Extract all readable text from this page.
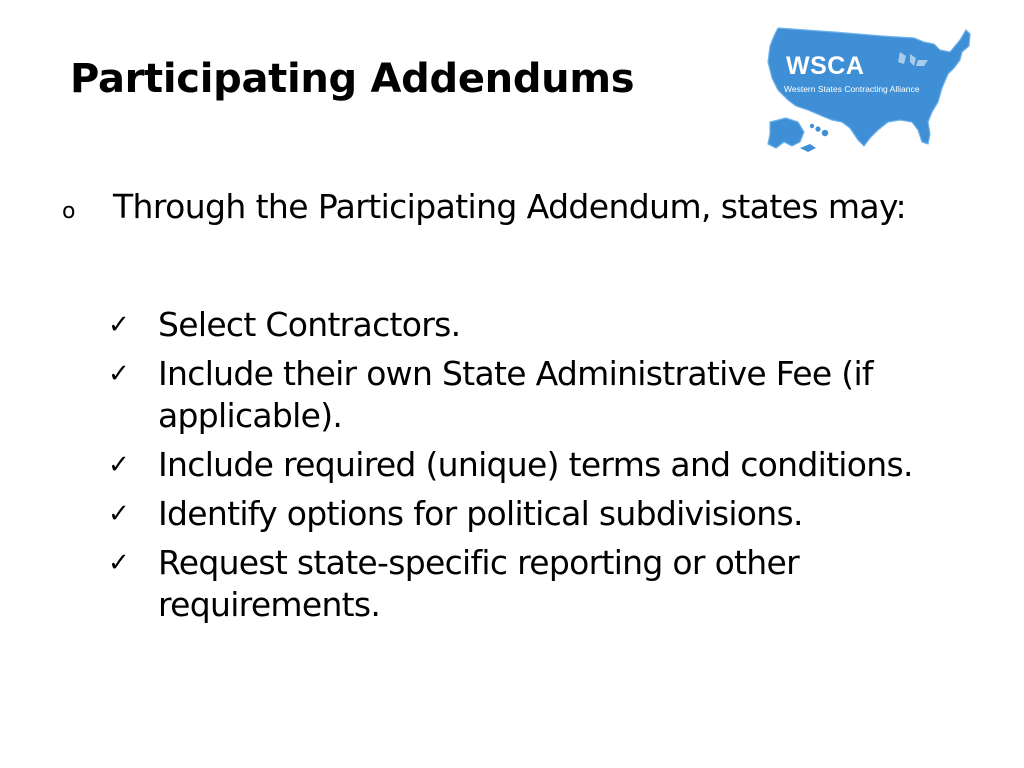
Participating Addendums	WSCA
Western States Contracting Alliance
o Through the Participating Addendum, states may:
✓ Select Contractors.
✓ Include their own State Administrative Fee (if applicable).
✓ Include required (unique) terms and conditions.
✓ Identify options for political subdivisions.
✓ Request state-specific reporting or other requirements.
